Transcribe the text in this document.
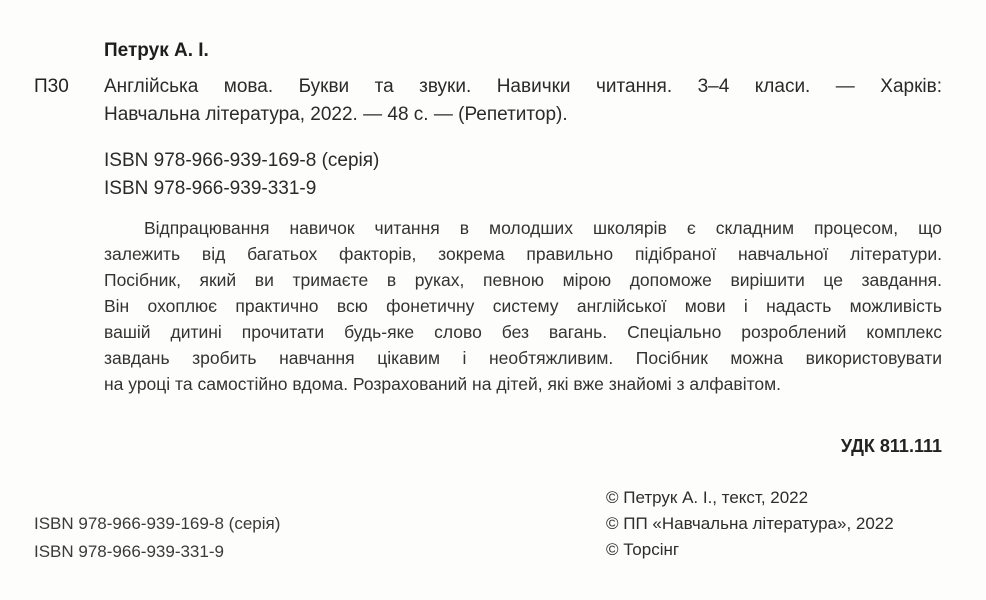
Петрук А. І.
П30 Англійська мова. Букви та звуки. Навички читання. 3–4 класи. — Харків:
Навчальна література, 2022. — 48 с. — (Репетитор).
ISBN 978-966-939-169-8 (серія)
ISBN 978-966-939-331-9
Відпрацювання навичок читання в молодших школярів є складним процесом, що
залежить від багатьох факторів, зокрема правильно підібраної навчальної літератури.
Посібник, який ви тримаєте в руках, певною мірою допоможе вирішити це завдання.
Він охоплює практично всю фонетичну систему англійської мови і надасть можливість
вашій дитині прочитати будь-яке слово без вагань. Спеціально розроблений комплекс
завдань зробить навчання цікавим і необтяжливим. Посібник можна використовувати
на уроці та самостійно вдома. Розрахований на дітей, які вже знайомі з алфавітом.
УДК 811.111
ISBN 978-966-939-169-8 (серія)
ISBN 978-966-939-331-9
© Петрук А. І., текст, 2022
© ПП «Навчальна література», 2022
© Торсінг
